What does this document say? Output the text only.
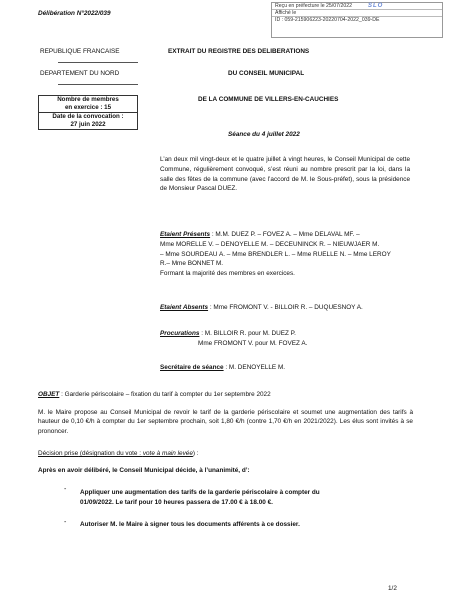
Délibération N°2022/039
Reçu en préfecture le 25/07/2022
Affiché le
ID : 059-215906223-20220704-2022_039-DE
SLO
REPUBLIQUE FRANCAISE
DEPARTEMENT DU NORD
EXTRAIT DU REGISTRE DES DELIBERATIONS
DU CONSEIL MUNICIPAL
DE LA COMMUNE DE VILLERS-EN-CAUCHIES
Séance du 4 juillet 2022
Nombre de membres
en exercice : 15
Date de la convocation :
27 juin 2022
L’an deux mil vingt-deux et le quatre juillet à vingt heures, le Conseil Municipal de cette Commune, régulièrement convoqué, s’est réuni au nombre prescrit par la loi, dans la salle des fêtes de la commune (avec l’accord de M. le Sous-préfet), sous la présidence de Monsieur Pascal DUEZ.
Etaient Présents : M.M. DUEZ P. – FOVEZ A. – Mme DELAVAL MF. –
Mme MORELLE V. – DENOYELLE M. – DECEUNINCK R. – NIEUWJAER M.
– Mme SOURDEAU A. – Mme BRENDLER L. – Mme RUELLE N. – Mme LEROY
R.– Mme BONNET M.
Formant la majorité des membres en exercices.
Etaient Absents : Mme FROMONT V. - BILLOIR R. – DUQUESNOY A.
Procurations : M. BILLOIR R. pour M. DUEZ P.
Mme FROMONT V. pour M. FOVEZ A.
Secrétaire de séance : M. DENOYELLE M.
OBJET : Garderie périscolaire – fixation du tarif à compter du 1er septembre 2022
M. le Maire propose au Conseil Municipal de revoir le tarif de la garderie périscolaire et soumet une augmentation des tarifs à hauteur de 0,10 €/h à compter du 1er septembre prochain, soit 1,80 €/h (contre 1,70 €/h en 2021/2022). Les élus sont invités à se prononcer.
Décision prise (désignation du vote : vote à main levée) :
Après en avoir délibéré, le Conseil Municipal décide, à l’unanimité, d’:
- Appliquer une augmentation des tarifs de la garderie périscolaire à compter du
01/09/2022. Le tarif pour 10 heures passera de 17.00 € à 18.00 €.
- Autoriser M. le Maire à signer tous les documents afférents à ce dossier.
1/2
